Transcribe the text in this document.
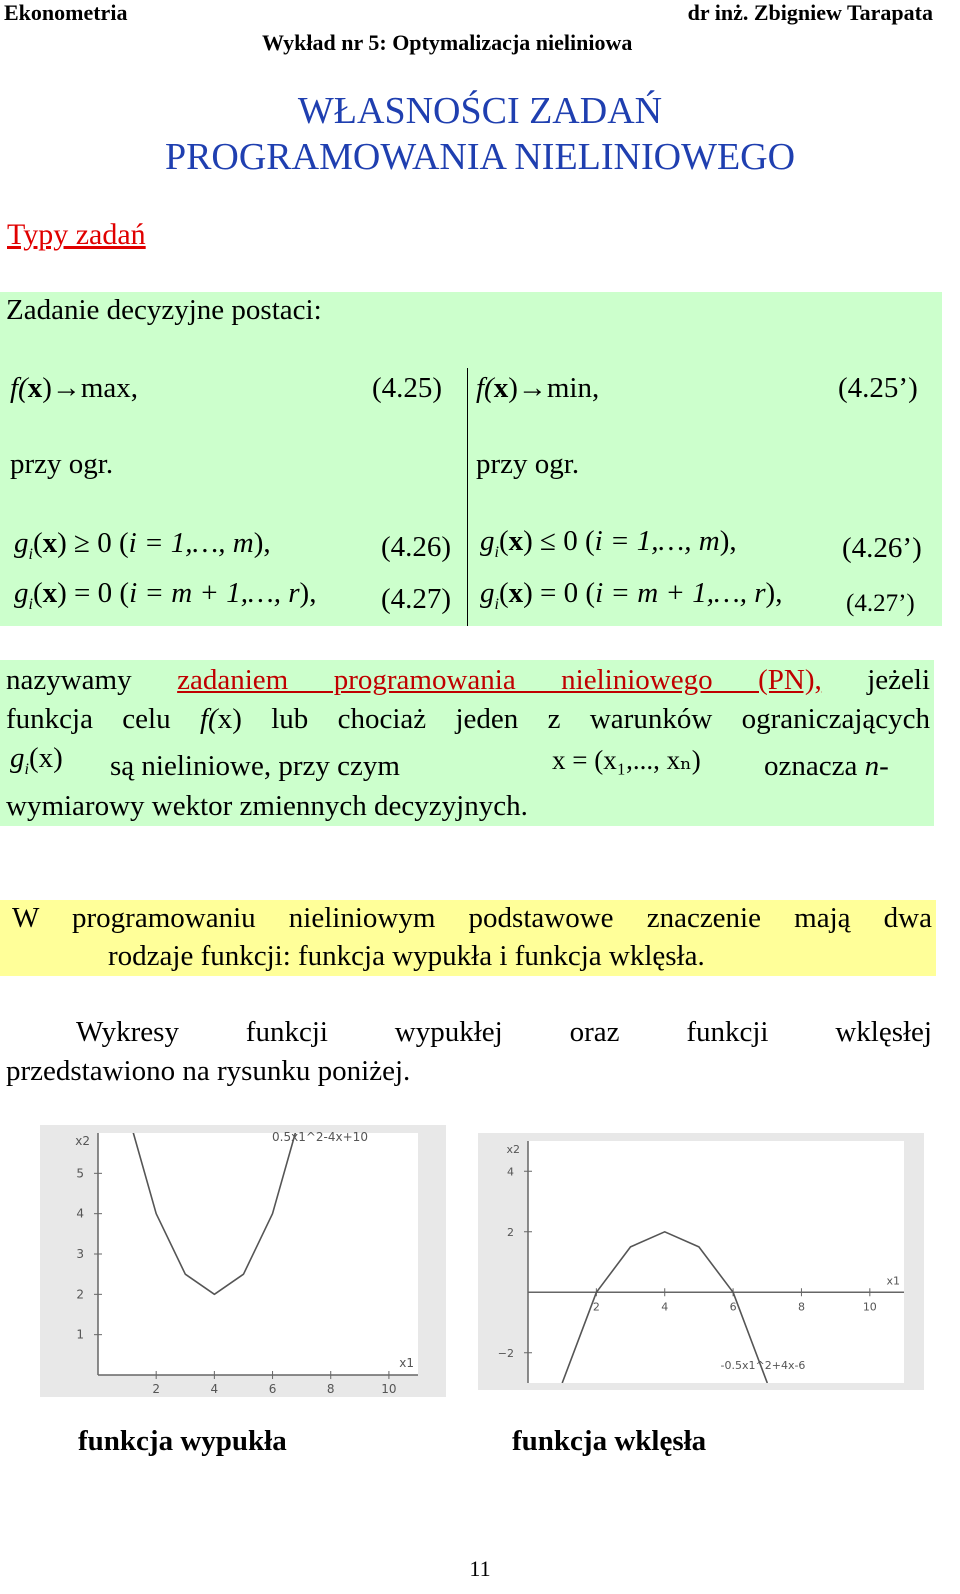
Ekonometria	dr inż. Zbigniew Tarapata
Wykład nr 5: Optymalizacja nieliniowa
WŁASNOŚCI ZADAŃ
PROGRAMOWANIA NIELINIOWEGO
Typy zadań
Zadanie decyzyjne postaci:
f(x)→max,	(4.25)
przy ogr.
$g_i(x) \ge 0$ (i = 1,…, m),	(4.26)
$g_i(x) = 0$ (i = m + 1,…, r), (4.27)
f(x)→min,	(4.25’)
przy ogr.
$g_i(x) \le 0$ (i = 1,…, m),	(4.26’)
$g_i(x) = 0$ (i = m + 1,…, r),	(4.27’)
nazywamy zadaniem programowania nieliniowego (PN), jeżeli
funkcja celu f(x) lub chociaż jeden z warunków ograniczających
$g_i(x)$ są nieliniowe, przy czym	x = (x₁,..., xₙ) oznacza n-
wymiarowy wektor zmiennych decyzyjnych.
W programowaniu nieliniowym podstawowe znaczenie mają dwa
rodzaje funkcji: funkcja wypukła i funkcja wklęsła.
Wykresy funkcji wypukłej oraz funkcji wklęsłej
przedstawiono na rysunku poniżej.
2	4	6	8	10
1
2
3
4
5
x2
x1
0.5x1^2-4x+10
2	4	6	8	10
−2
2
4
x2
x1
-0.5x1^2+4x-6
funkcja wypukła	funkcja wklęsła
11
